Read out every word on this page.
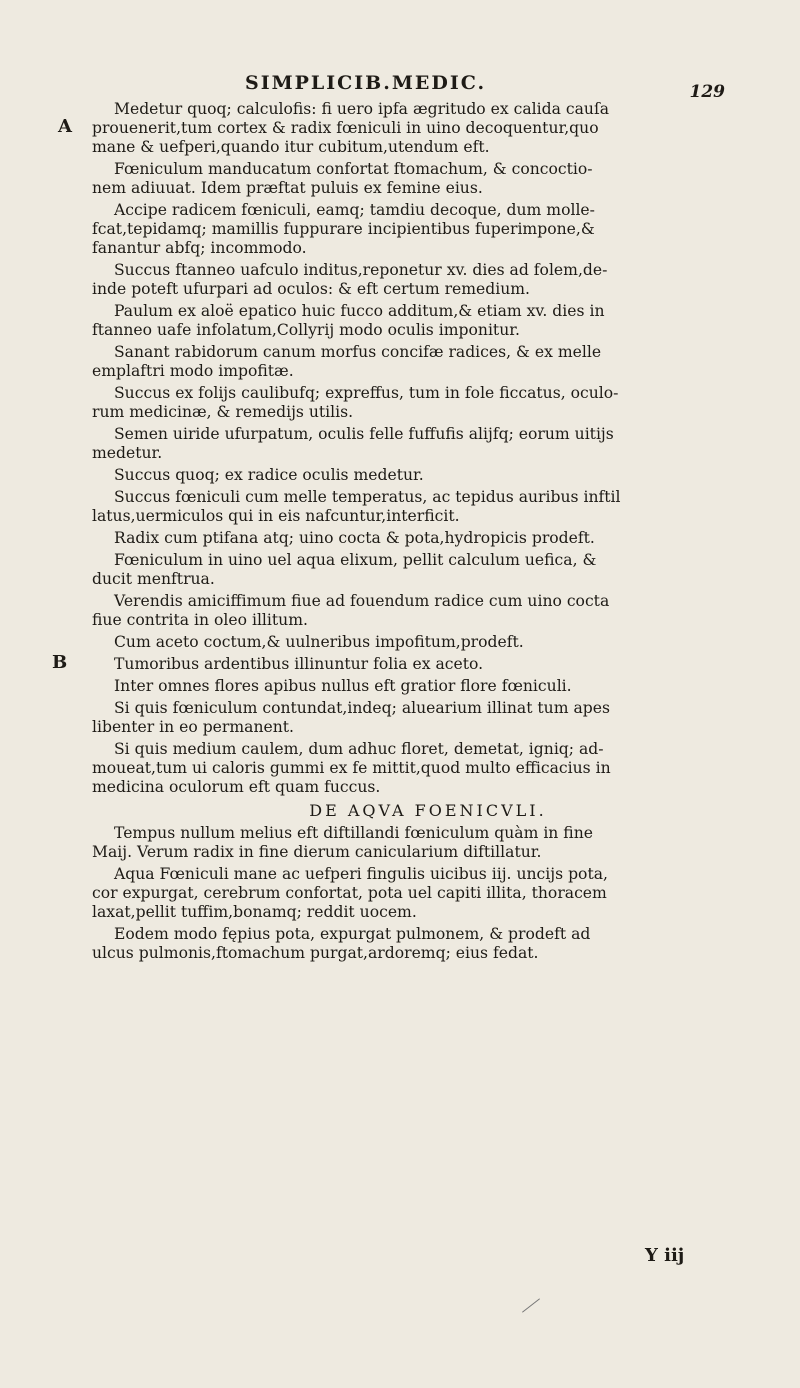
SIMPLICIB.MEDIC.	129
A
B
Medetur quoq; calculofis: fi uero ipfa ægritudo ex calida cauſa
prouenerit,tum cortex & radix fœniculi in uino decoquentur,quo
mane & uefperi,quando itur cubitum,utendum eft.
Fœniculum manducatum confortat ftomachum, & concoctio-
nem adiuuat. Idem præftat puluis ex femine eius.
Accipe radicem fœniculi, eamq; tamdiu decoque, dum molle-
fcat,tepidamq; mamillis fuppurare incipientibus fuperimpone,&
fanantur abfq; incommodo.
Succus ftanneo uafculo inditus,reponetur xv. dies ad folem,de-
inde poteft ufurpari ad oculos: & eft certum remedium.
Paulum ex aloë epatico huic fucco additum,& etiam xv. dies in
ftanneo uafe infolatum,Collyrij modo oculis imponitur.
Sanant rabidorum canum morfus concifæ radices, & ex melle
emplaftri modo impofitæ.
Succus ex folijs caulibufq; expreffus, tum in fole ficcatus, oculo-
rum medicinæ, & remedijs utilis.
Semen uiride ufurpatum, oculis felle fuffufis alijfq; eorum uitijs
medetur.
Succus quoq; ex radice oculis medetur.
Succus fœniculi cum melle temperatus, ac tepidus auribus inftil
latus,uermiculos qui in eis nafcuntur,interficit.
Radix cum ptifana atq; uino cocta & pota,hydropicis prodeft.
Fœniculum in uino uel aqua elixum, pellit calculum uefica, &
ducit menftrua.
Verendis amiciffimum fiue ad fouendum radice cum uino cocta
fiue contrita in oleo illitum.
Cum aceto coctum,& uulneribus impofitum,prodeft.
Tumoribus ardentibus illinuntur folia ex aceto.
Inter omnes flores apibus nullus eft gratior flore fœniculi.
Si quis fœniculum contundat,indeq; aluearium illinat tum apes
libenter in eo permanent.
Si quis medium caulem, dum adhuc floret, demetat, igniq; ad-
moueat,tum ui caloris gummi ex fe mittit,quod multo efficacius in
medicina oculorum eft quam fuccus.
DE AQVA FOENICVLI.
Tempus nullum melius eft diftillandi fœniculum quàm in fine
Maij. Verum radix in fine dierum canicularium diftillatur.
Aqua Fœniculi mane ac uefperi fingulis uicibus iij. uncijs pota,
cor expurgat, cerebrum confortat, pota uel capiti illita, thoracem
laxat,pellit tuffim,bonamq; reddit uocem.
Eodem modo fępius pota, expurgat pulmonem, & prodeft ad
ulcus pulmonis,ftomachum purgat,ardoremq; eius fedat.
Y iij
